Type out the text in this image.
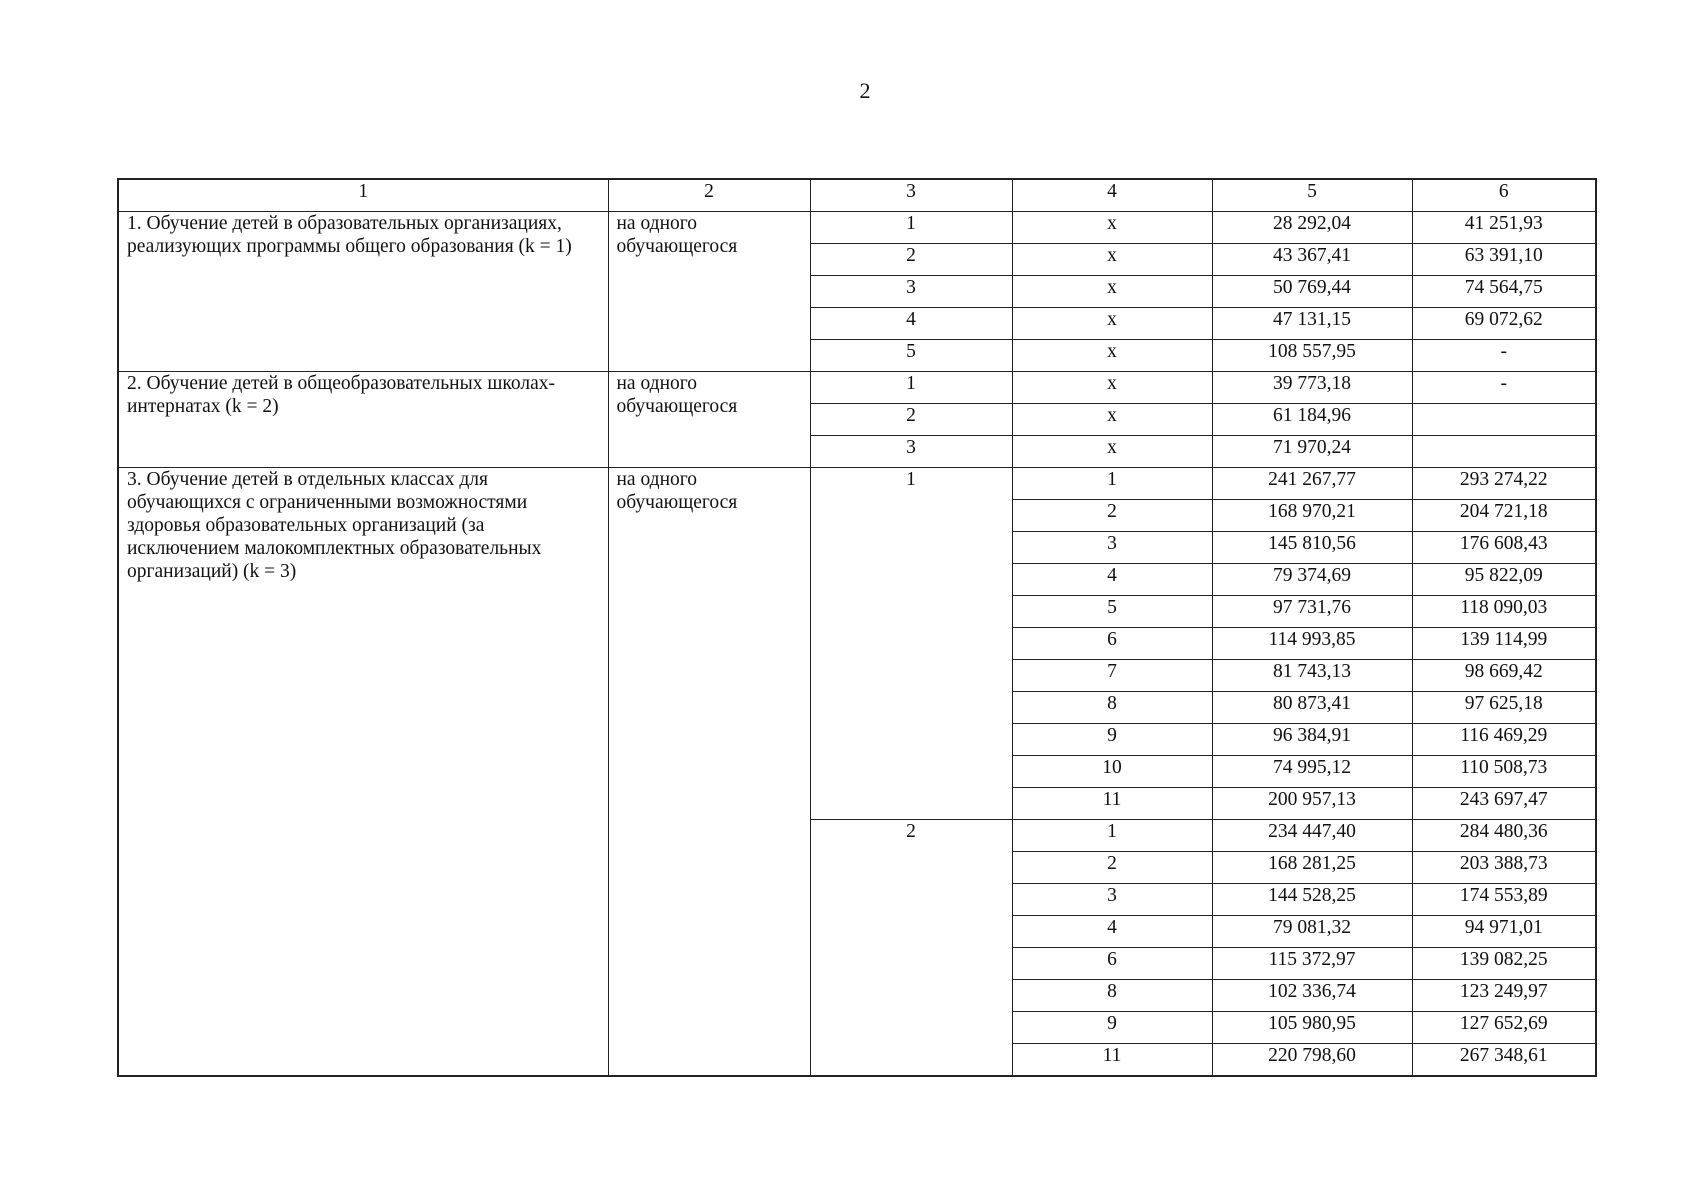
2
1	2	3	4	5	6
1. Обучение детей в образовательных организациях, реализующих программы общего образования (k = 1)	на одного обучающегося	1	х	28 292,04	41 251,93
		2	х	43 367,41	63 391,10
		3	х	50 769,44	74 564,75
		4	х	47 131,15	69 072,62
		5	х	108 557,95	-
2. Обучение детей в общеобразовательных школах-интернатах (k = 2)	на одного обучающегося	1	х	39 773,18	-
		2	х	61 184,96	
		3	х	71 970,24	
3. Обучение детей в отдельных классах для обучающихся с ограниченными возможностями здоровья образовательных организаций (за исключением малокомплектных образовательных организаций) (k = 3)	на одного обучающегося	1	1	241 267,77	293 274,22
			2	168 970,21	204 721,18
			3	145 810,56	176 608,43
			4	79 374,69	95 822,09
			5	97 731,76	118 090,03
			6	114 993,85	139 114,99
			7	81 743,13	98 669,42
			8	80 873,41	97 625,18
			9	96 384,91	116 469,29
			10	74 995,12	110 508,73
			11	200 957,13	243 697,47
		2	1	234 447,40	284 480,36
			2	168 281,25	203 388,73
			3	144 528,25	174 553,89
			4	79 081,32	94 971,01
			6	115 372,97	139 082,25
			8	102 336,74	123 249,97
			9	105 980,95	127 652,69
			11	220 798,60	267 348,61
